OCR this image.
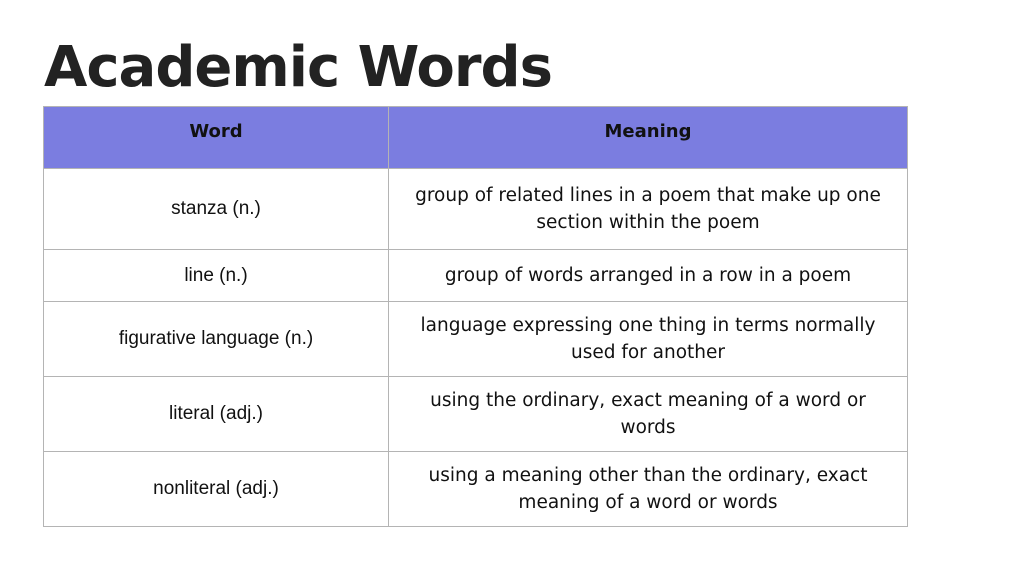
Academic Words
Word	Meaning
stanza (n.)	group of related lines in a poem that make up one section within the poem
line (n.)	group of words arranged in a row in a poem
figurative language (n.)	language expressing one thing in terms normally used for another
literal (adj.)	using the ordinary, exact meaning of a word or words
nonliteral (adj.)	using a meaning other than the ordinary, exact meaning of a word or words
